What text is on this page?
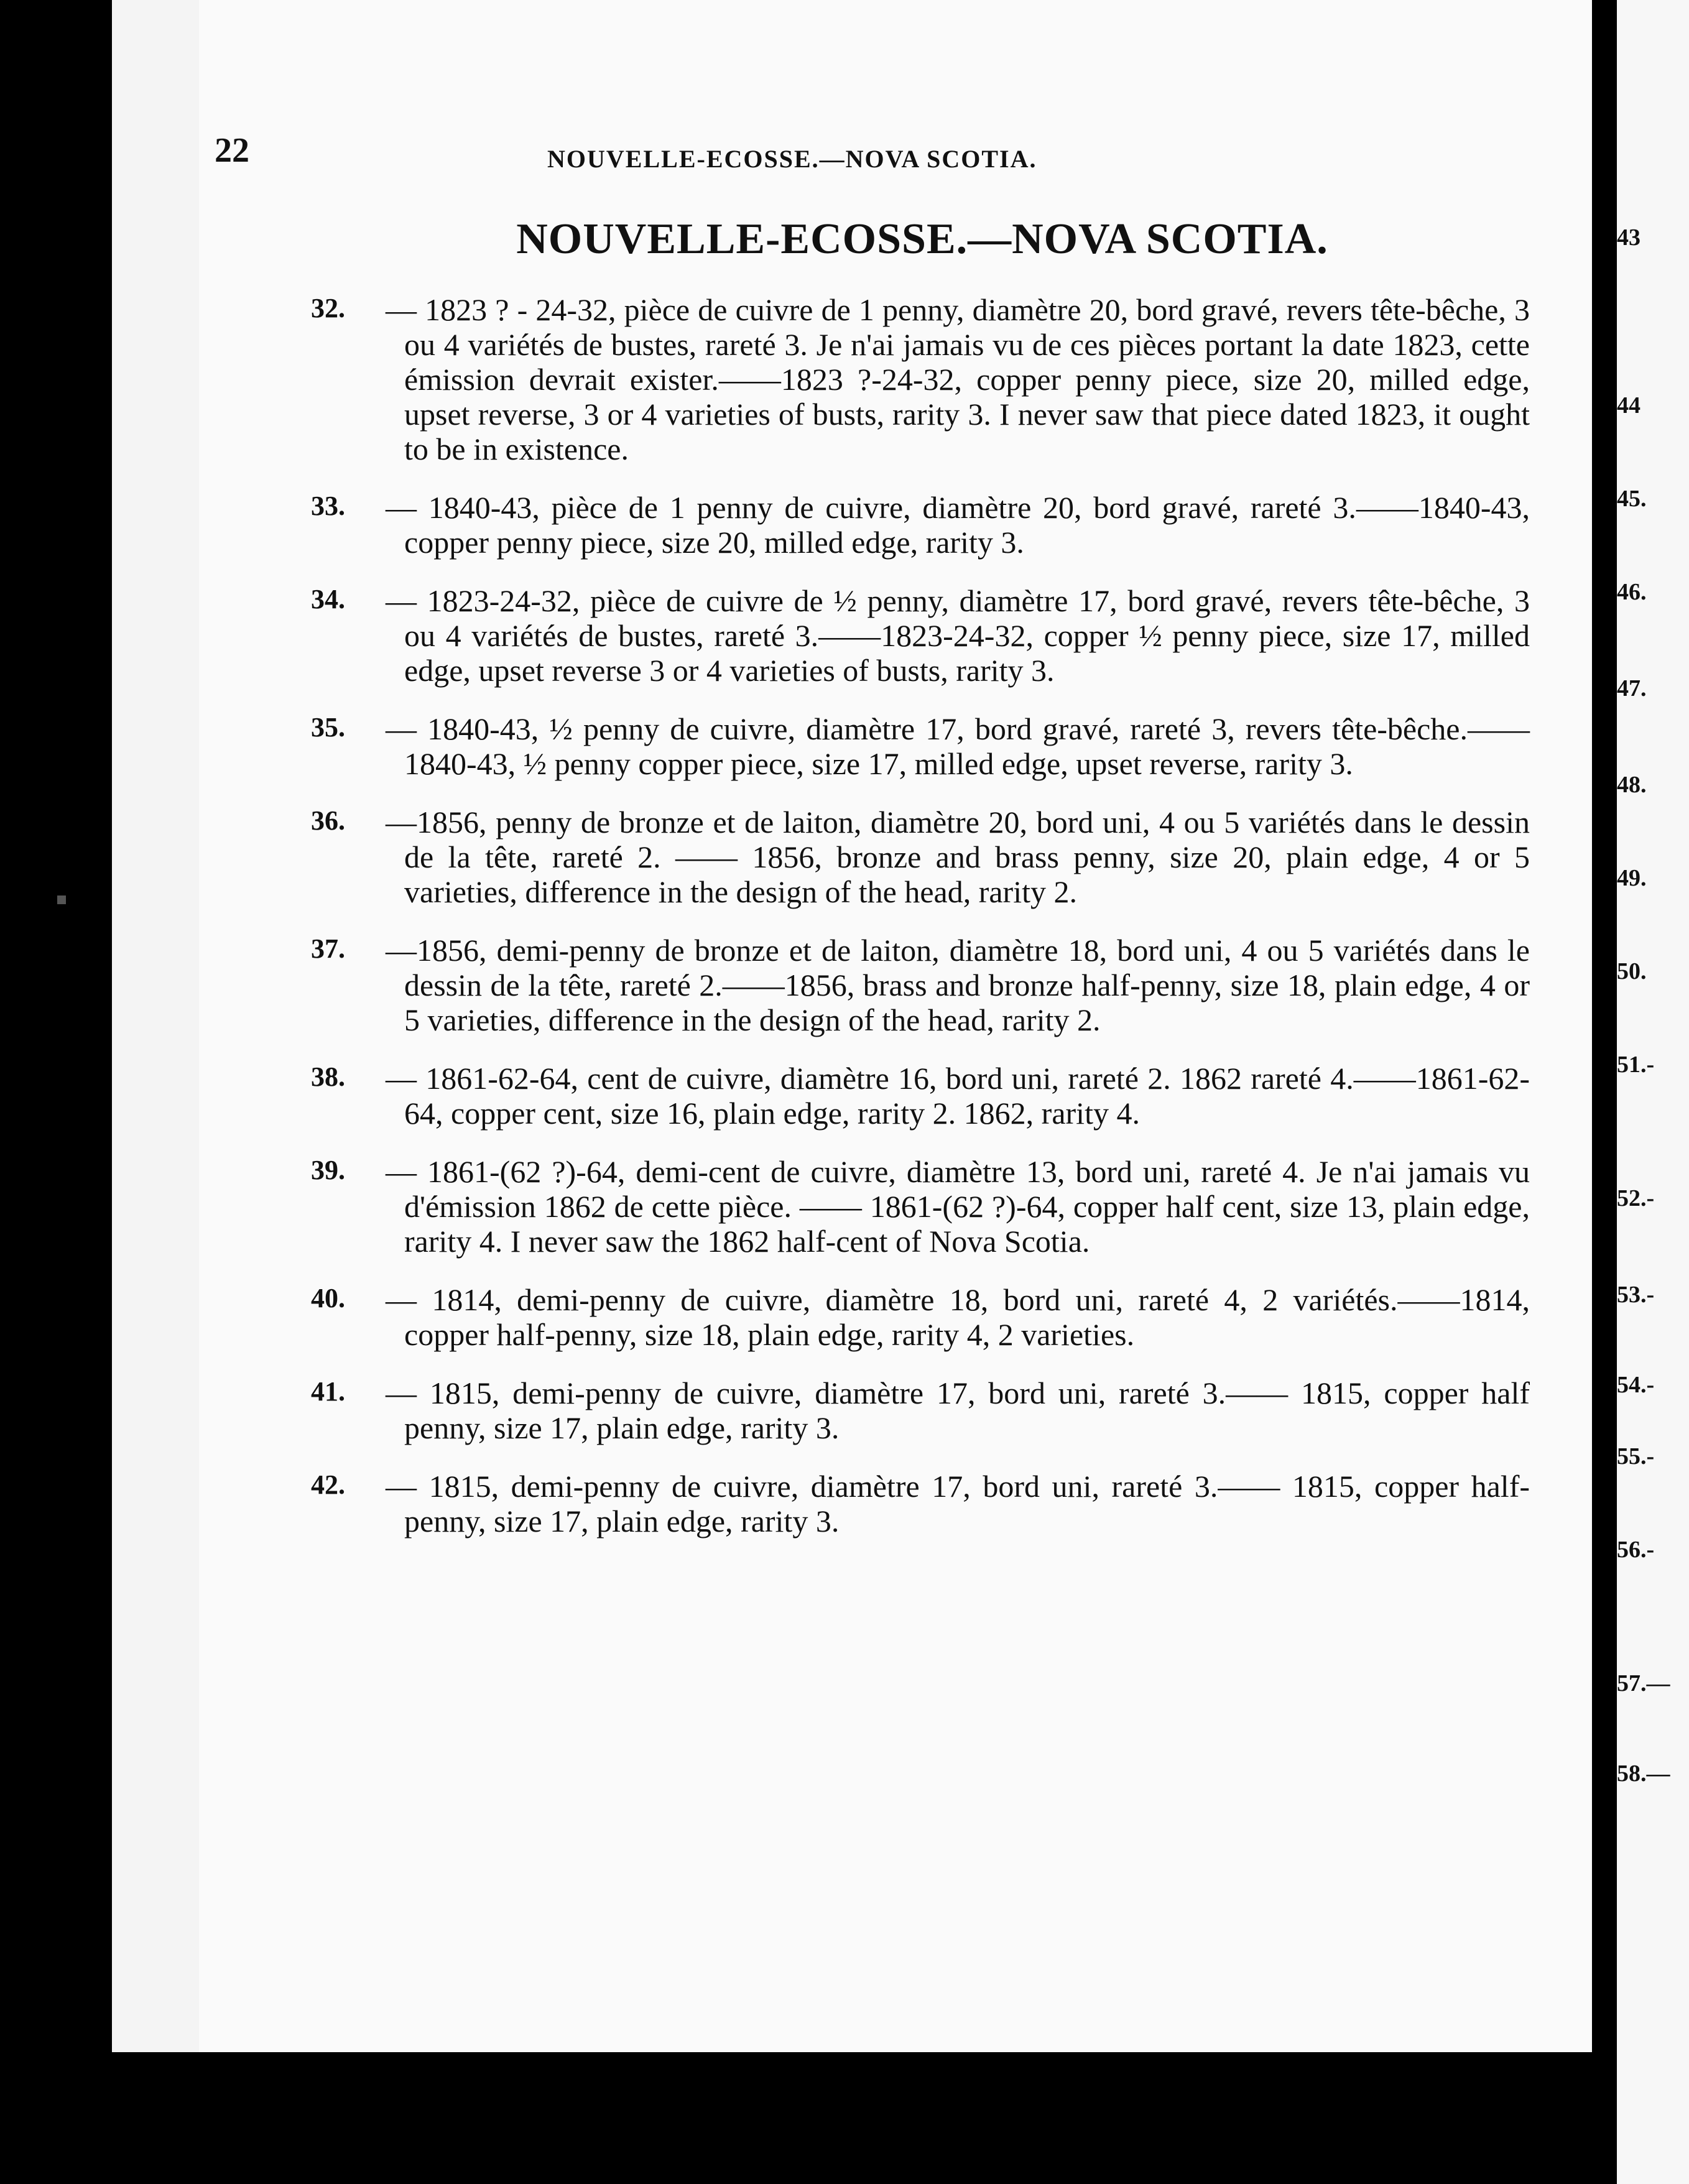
22	NOUVELLE-ECOSSE.—NOVA SCOTIA.
NOUVELLE-ECOSSE.—NOVA SCOTIA.
32. — 1823 ? - 24-32, pièce de cuivre de 1 penny, diamètre 20, bord gravé, revers tête-bêche, 3 ou 4 variétés de bustes, rareté 3. Je n'ai jamais vu de ces pièces portant la date 1823, cette émission devrait exister.——1823 ?-24-32, copper penny piece, size 20, milled edge, upset reverse, 3 or 4 varieties of busts, rarity 3. I never saw that piece dated 1823, it ought to be in existence.

33. — 1840-43, pièce de 1 penny de cuivre, diamètre 20, bord gravé, rareté 3.——1840-43, copper penny piece, size 20, milled edge, rarity 3.

34. — 1823-24-32, pièce de cuivre de ½ penny, diamètre 17, bord gravé, revers tête-bêche, 3 ou 4 variétés de bustes, rareté 3.——1823-24-32, copper ½ penny piece, size 17, milled edge, upset reverse 3 or 4 varieties of busts, rarity 3.

35. — 1840-43, ½ penny de cuivre, diamètre 17, bord gravé, rareté 3, revers tête-bêche.——1840-43, ½ penny copper piece, size 17, milled edge, upset reverse, rarity 3.

36. —1856, penny de bronze et de laiton, diamètre 20, bord uni, 4 ou 5 variétés dans le dessin de la tête, rareté 2. —— 1856, bronze and brass penny, size 20, plain edge, 4 or 5 varieties, difference in the design of the head, rarity 2.

37. —1856, demi-penny de bronze et de laiton, diamètre 18, bord uni, 4 ou 5 variétés dans le dessin de la tête, rareté 2.——1856, brass and bronze half-penny, size 18, plain edge, 4 or 5 varieties, difference in the design of the head, rarity 2.

38. — 1861-62-64, cent de cuivre, diamètre 16, bord uni, rareté 2. 1862 rareté 4.——1861-62-64, copper cent, size 16, plain edge, rarity 2. 1862, rarity 4.

39. — 1861-(62 ?)-64, demi-cent de cuivre, diamètre 13, bord uni, rareté 4. Je n'ai jamais vu d'émission 1862 de cette pièce. —— 1861-(62 ?)-64, copper half cent, size 13, plain edge, rarity 4. I never saw the 1862 half-cent of Nova Scotia.

40. — 1814, demi-penny de cuivre, diamètre 18, bord uni, rareté 4, 2 variétés.——1814, copper half-penny, size 18, plain edge, rarity 4, 2 varieties.

41. — 1815, demi-penny de cuivre, diamètre 17, bord uni, rareté 3.—— 1815, copper half penny, size 17, plain edge, rarity 3.

42. — 1815, demi-penny de cuivre, diamètre 17, bord uni, rareté 3.—— 1815, copper half-penny, size 17, plain edge, rarity 3.

43
44
45.
46.
47.
48.
49.
50.
51.-
52.-
53.-
54.-
55.-
56.-
57.—
58.—
